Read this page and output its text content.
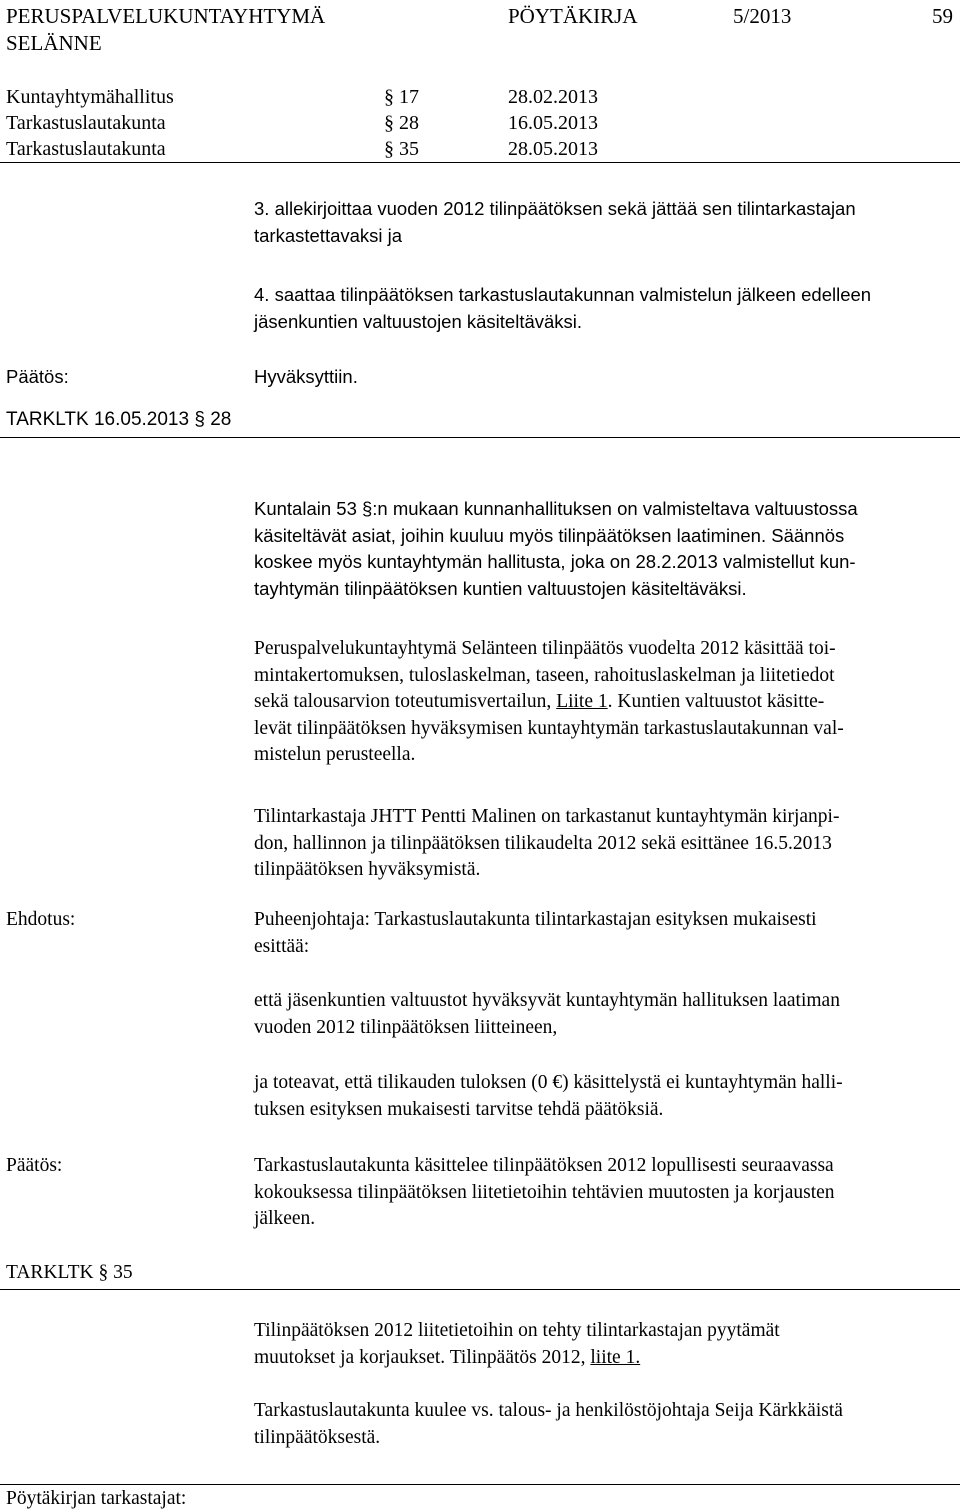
PERUSPALVELUKUNTAYHTYMÄ
SELÄNNE
PÖYTÄKIRJA	5/2013	59
Kuntayhtymähallitus	§ 17	28.02.2013
Tarkastuslautakunta	§ 28	16.05.2013
Tarkastuslautakunta	§ 35	28.05.2013
3. allekirjoittaa vuoden 2012 tilinpäätöksen sekä jättää sen tilintarkastajan
tarkastettavaksi ja
4. saattaa tilinpäätöksen tarkastuslautakunnan valmistelun jälkeen edelleen
jäsenkuntien valtuustojen käsiteltäväksi.
Päätös:	Hyväksyttiin.
TARKLTK 16.05.2013 § 28
Kuntalain 53 §:n mukaan kunnanhallituksen on valmisteltava valtuustossa
käsiteltävät asiat, joihin kuuluu myös tilinpäätöksen laatiminen. Säännös
koskee myös kuntayhtymän hallitusta, joka on 28.2.2013 valmistellut kun-
tayhtymän tilinpäätöksen kuntien valtuustojen käsiteltäväksi.
Peruspalvelukuntayhtymä Selänteen tilinpäätös vuodelta 2012 käsittää toi-
mintakertomuksen, tuloslaskelman, taseen, rahoituslaskelman ja liitetiedot
sekä talousarvion toteutumisvertailun, Liite 1. Kuntien valtuustot käsitte-
levät tilinpäätöksen hyväksymisen kuntayhtymän tarkastuslautakunnan val-
mistelun perusteella.
Tilintarkastaja JHTT Pentti Malinen on tarkastanut kuntayhtymän kirjanpi-
don, hallinnon ja tilinpäätöksen tilikaudelta 2012 sekä esittänee 16.5.2013
tilinpäätöksen hyväksymistä.
Ehdotus:	Puheenjohtaja: Tarkastuslautakunta tilintarkastajan esityksen mukaisesti
esittää:
että jäsenkuntien valtuustot hyväksyvät kuntayhtymän hallituksen laatiman
vuoden 2012 tilinpäätöksen liitteineen,
ja toteavat, että tilikauden tuloksen (0 €) käsittelystä ei kuntayhtymän halli-
tuksen esityksen mukaisesti tarvitse tehdä päätöksiä.
Päätös:	Tarkastuslautakunta käsittelee tilinpäätöksen 2012 lopullisesti seuraavassa
kokouksessa tilinpäätöksen liitetietoihin tehtävien muutosten ja korjausten
jälkeen.
TARKLTK § 35
Tilinpäätöksen 2012 liitetietoihin on tehty tilintarkastajan pyytämät
muutokset ja korjaukset. Tilinpäätös 2012, liite 1.
Tarkastuslautakunta kuulee vs. talous- ja henkilöstöjohtaja Seija Kärkkäistä
tilinpäätöksestä.
Pöytäkirjan tarkastajat:
